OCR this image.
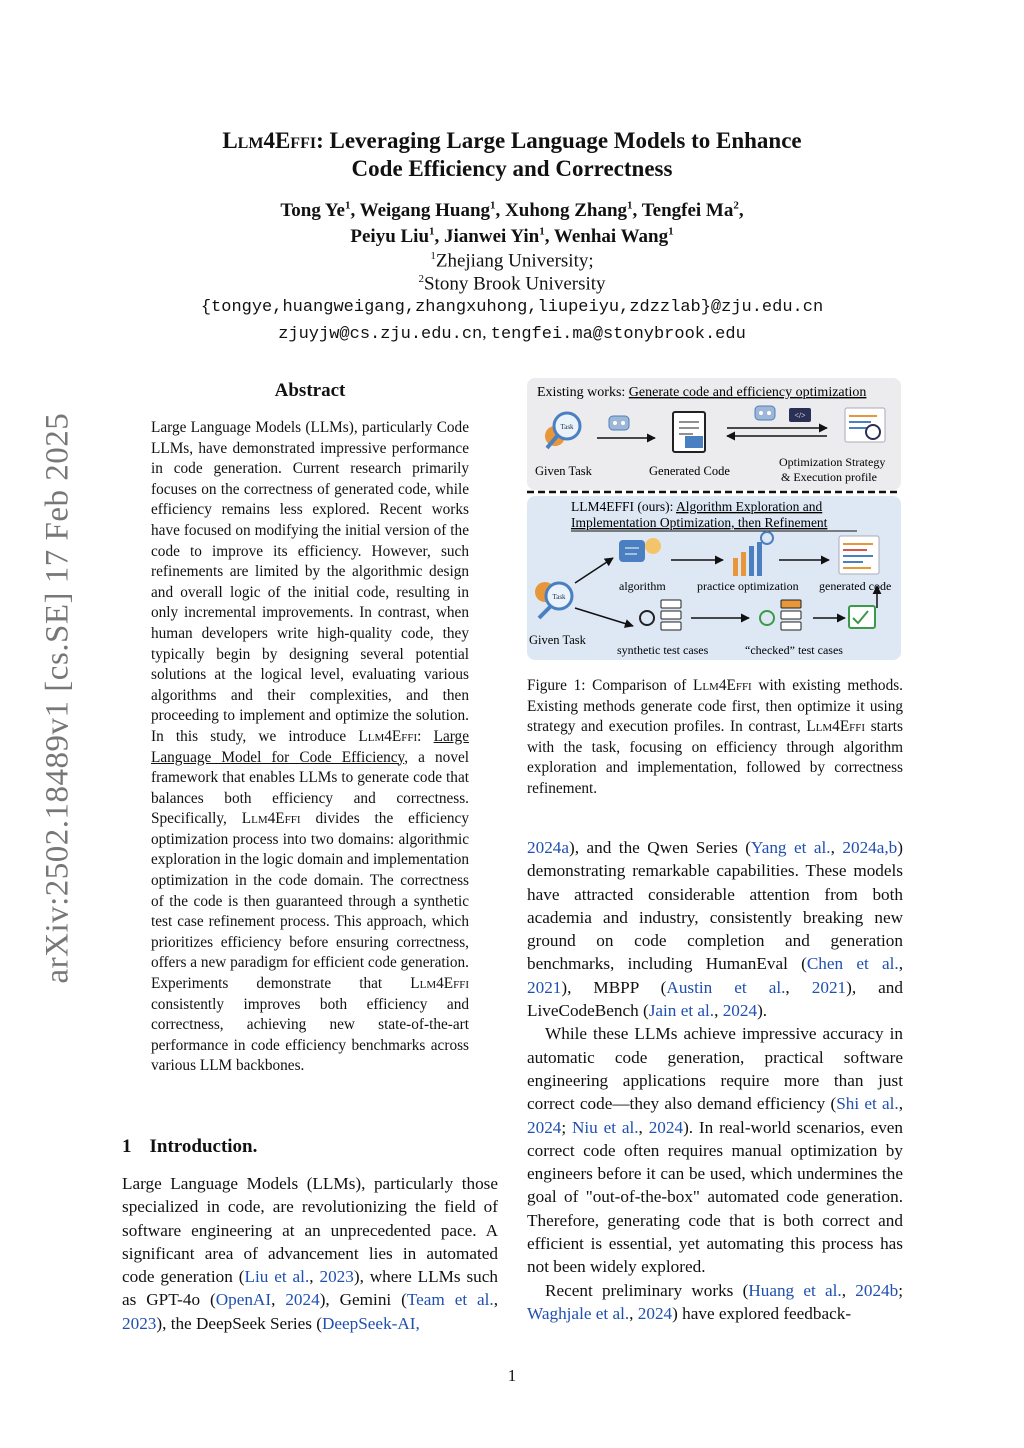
arXiv:2502.18489v1 [cs.SE] 17 Feb 2025
Llm4Effi: Leveraging Large Language Models to Enhance
Code Efficiency and Correctness
Tong Ye$^1$, Weigang Huang$^1$, Xuhong Zhang$^1$, Tengfei Ma$^2$,
Peiyu Liu$^1$, Jianwei Yin$^1$, Wenhai Wang$^1$
$^1$Zhejiang University;
$^2$Stony Brook University
{tongye,huangweigang,zhangxuhong,liupeiyu,zdzzlab}@zju.edu.cn
zjuyjw@cs.zju.edu.cn, tengfei.ma@stonybrook.edu
Abstract
Large Language Models (LLMs), particularly Code LLMs, have demonstrated impressive performance in code generation. Current research primarily focuses on the correctness of generated code, while efficiency remains less explored. Recent works have focused on modifying the initial version of the code to improve its efficiency. However, such refinements are limited by the algorithmic design and overall logic of the initial code, resulting in only incremental improvements. In contrast, when human developers write high-quality code, they typically begin by designing several potential solutions at the logical level, evaluating various algorithms and their complexities, and then proceeding to implement and optimize the solution. In this study, we introduce Llm4Effi: Large Language Model for Code Efficiency, a novel framework that enables LLMs to generate code that balances both efficiency and correctness. Specifically, Llm4Effi divides the efficiency optimization process into two domains: algorithmic exploration in the logic domain and implementation optimization in the code domain. The correctness of the code is then guaranteed through a synthetic test case refinement process. This approach, which prioritizes efficiency before ensuring correctness, offers a new paradigm for efficient code generation. Experiments demonstrate that Llm4Effi consistently improves both efficiency and correctness, achieving new state-of-the-art performance in code efficiency benchmarks across various LLM backbones.
1 Introduction.
Large Language Models (LLMs), particularly those specialized in code, are revolutionizing the field of software engineering at an unprecedented pace. A significant area of advancement lies in automated code generation (Liu et al., 2023), where LLMs such as GPT-4o (OpenAI, 2024), Gemini (Team et al., 2023), the DeepSeek Series (DeepSeek-AI,

2024a), and the Qwen Series (Yang et al., 2024a,b) demonstrating remarkable capabilities. These models have attracted considerable attention from both academia and industry, consistently breaking new ground on code completion and generation benchmarks, including HumanEval (Chen et al., 2021), MBPP (Austin et al., 2021), and LiveCodeBench (Jain et al., 2024).

While these LLMs achieve impressive accuracy in automatic code generation, practical software engineering applications require more than just correct code—they also demand efficiency (Shi et al., 2024; Niu et al., 2024). In real-world scenarios, even correct code often requires manual optimization by engineers before it can be used, which undermines the goal of "out-of-the-box" automated code generation. Therefore, generating code that is both correct and efficient is essential, yet automating this process has not been widely explored.

Recent preliminary works (Huang et al., 2024b; Waghjale et al., 2024) have explored feedback-

Existing works: Generate code and efficiency optimization
Task
</>
Given Task	Generated Code
Optimization Strategy
& Execution profile
LLM4EFFI (ours): Algorithm Exploration and
Implementation Optimization, then Refinement
Task
algorithm	practice optimization generated code
synthetic test cases	“checked” test cases
Given Task
Figure 1: Comparison of Llm4Effi with existing methods. Existing methods generate code first, then optimize it using strategy and execution profiles. In contrast, Llm4Effi starts with the task, focusing on efficiency through algorithm exploration and implementation, followed by correctness refinement.
1
